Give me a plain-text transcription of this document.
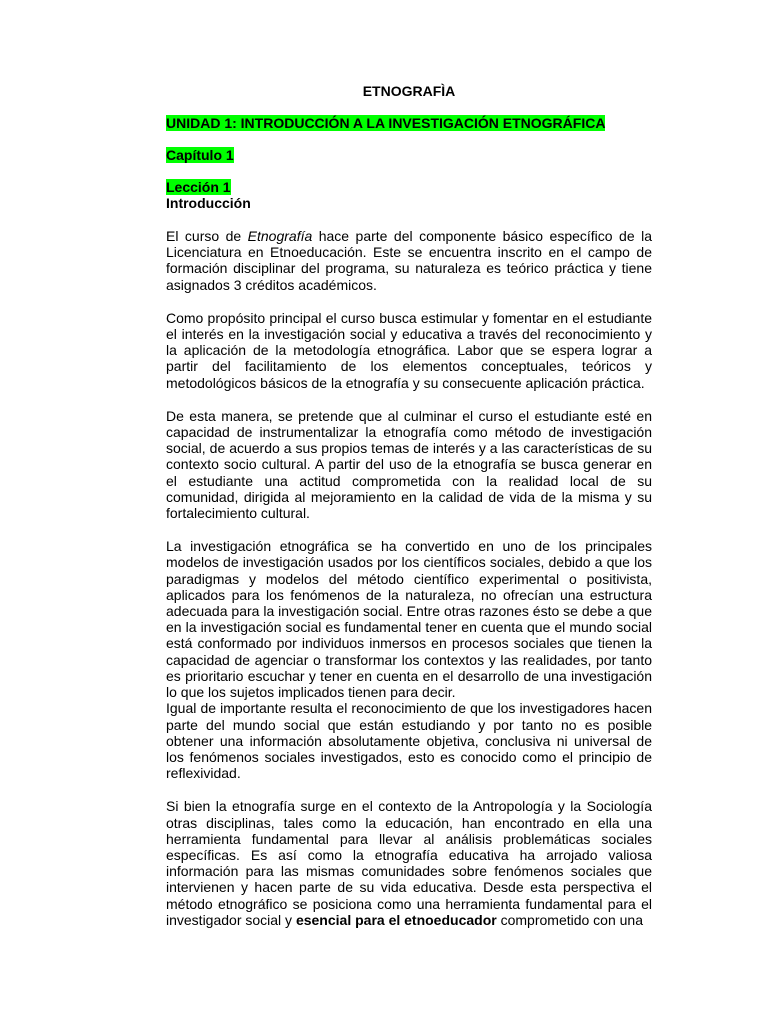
ETNOGRAFÌA

UNIDAD 1: INTRODUCCIÓN A LA INVESTIGACIÓN ETNOGRÁFICA

Capítulo 1

Lección 1

Introducción

El curso de Etnografía hace parte del componente básico específico de la Licenciatura en Etnoeducación. Este se encuentra inscrito en el campo de formación disciplinar del programa, su naturaleza es teórico práctica y tiene asignados 3 créditos académicos.

Como propósito principal el curso busca estimular y fomentar en el estudiante el interés en la investigación social y educativa a través del reconocimiento y la aplicación de la metodología etnográfica. Labor que se espera lograr a partir del facilitamiento de los elementos conceptuales, teóricos y metodológicos básicos de la etnografía y su consecuente aplicación práctica.

De esta manera, se pretende que al culminar el curso el estudiante esté en capacidad de instrumentalizar la etnografía como método de investigación social, de acuerdo a sus propios temas de interés y a las características de su contexto socio cultural. A partir del uso de la etnografía se busca generar en el estudiante una actitud comprometida con la realidad local de su comunidad, dirigida al mejoramiento en la calidad de vida de la misma y su fortalecimiento cultural.

La investigación etnográfica se ha convertido en uno de los principales modelos de investigación usados por los científicos sociales, debido a que los paradigmas y modelos del método científico experimental o positivista, aplicados para los fenómenos de la naturaleza, no ofrecían una estructura adecuada para la investigación social. Entre otras razones ésto se debe a que en la investigación social es fundamental tener en cuenta que el mundo social está conformado por individuos inmersos en procesos sociales que tienen la capacidad de agenciar o transformar los contextos y las realidades, por tanto es prioritario escuchar y tener en cuenta en el desarrollo de una investigación lo que los sujetos implicados tienen para decir.

Igual de importante resulta el reconocimiento de que los investigadores hacen parte del mundo social que están estudiando y por tanto no es posible obtener una información absolutamente objetiva, conclusiva ni universal de los fenómenos sociales investigados, esto es conocido como el principio de reflexividad.

Si bien la etnografía surge en el contexto de la Antropología y la Sociología otras disciplinas, tales como la educación, han encontrado en ella una herramienta fundamental para llevar al análisis problemáticas sociales específicas. Es así como la etnografía educativa ha arrojado valiosa información para las mismas comunidades sobre fenómenos sociales que intervienen y hacen parte de su vida educativa. Desde esta perspectiva el método etnográfico se posiciona como una herramienta fundamental para el investigador social y esencial para el etnoeducador comprometido con una
